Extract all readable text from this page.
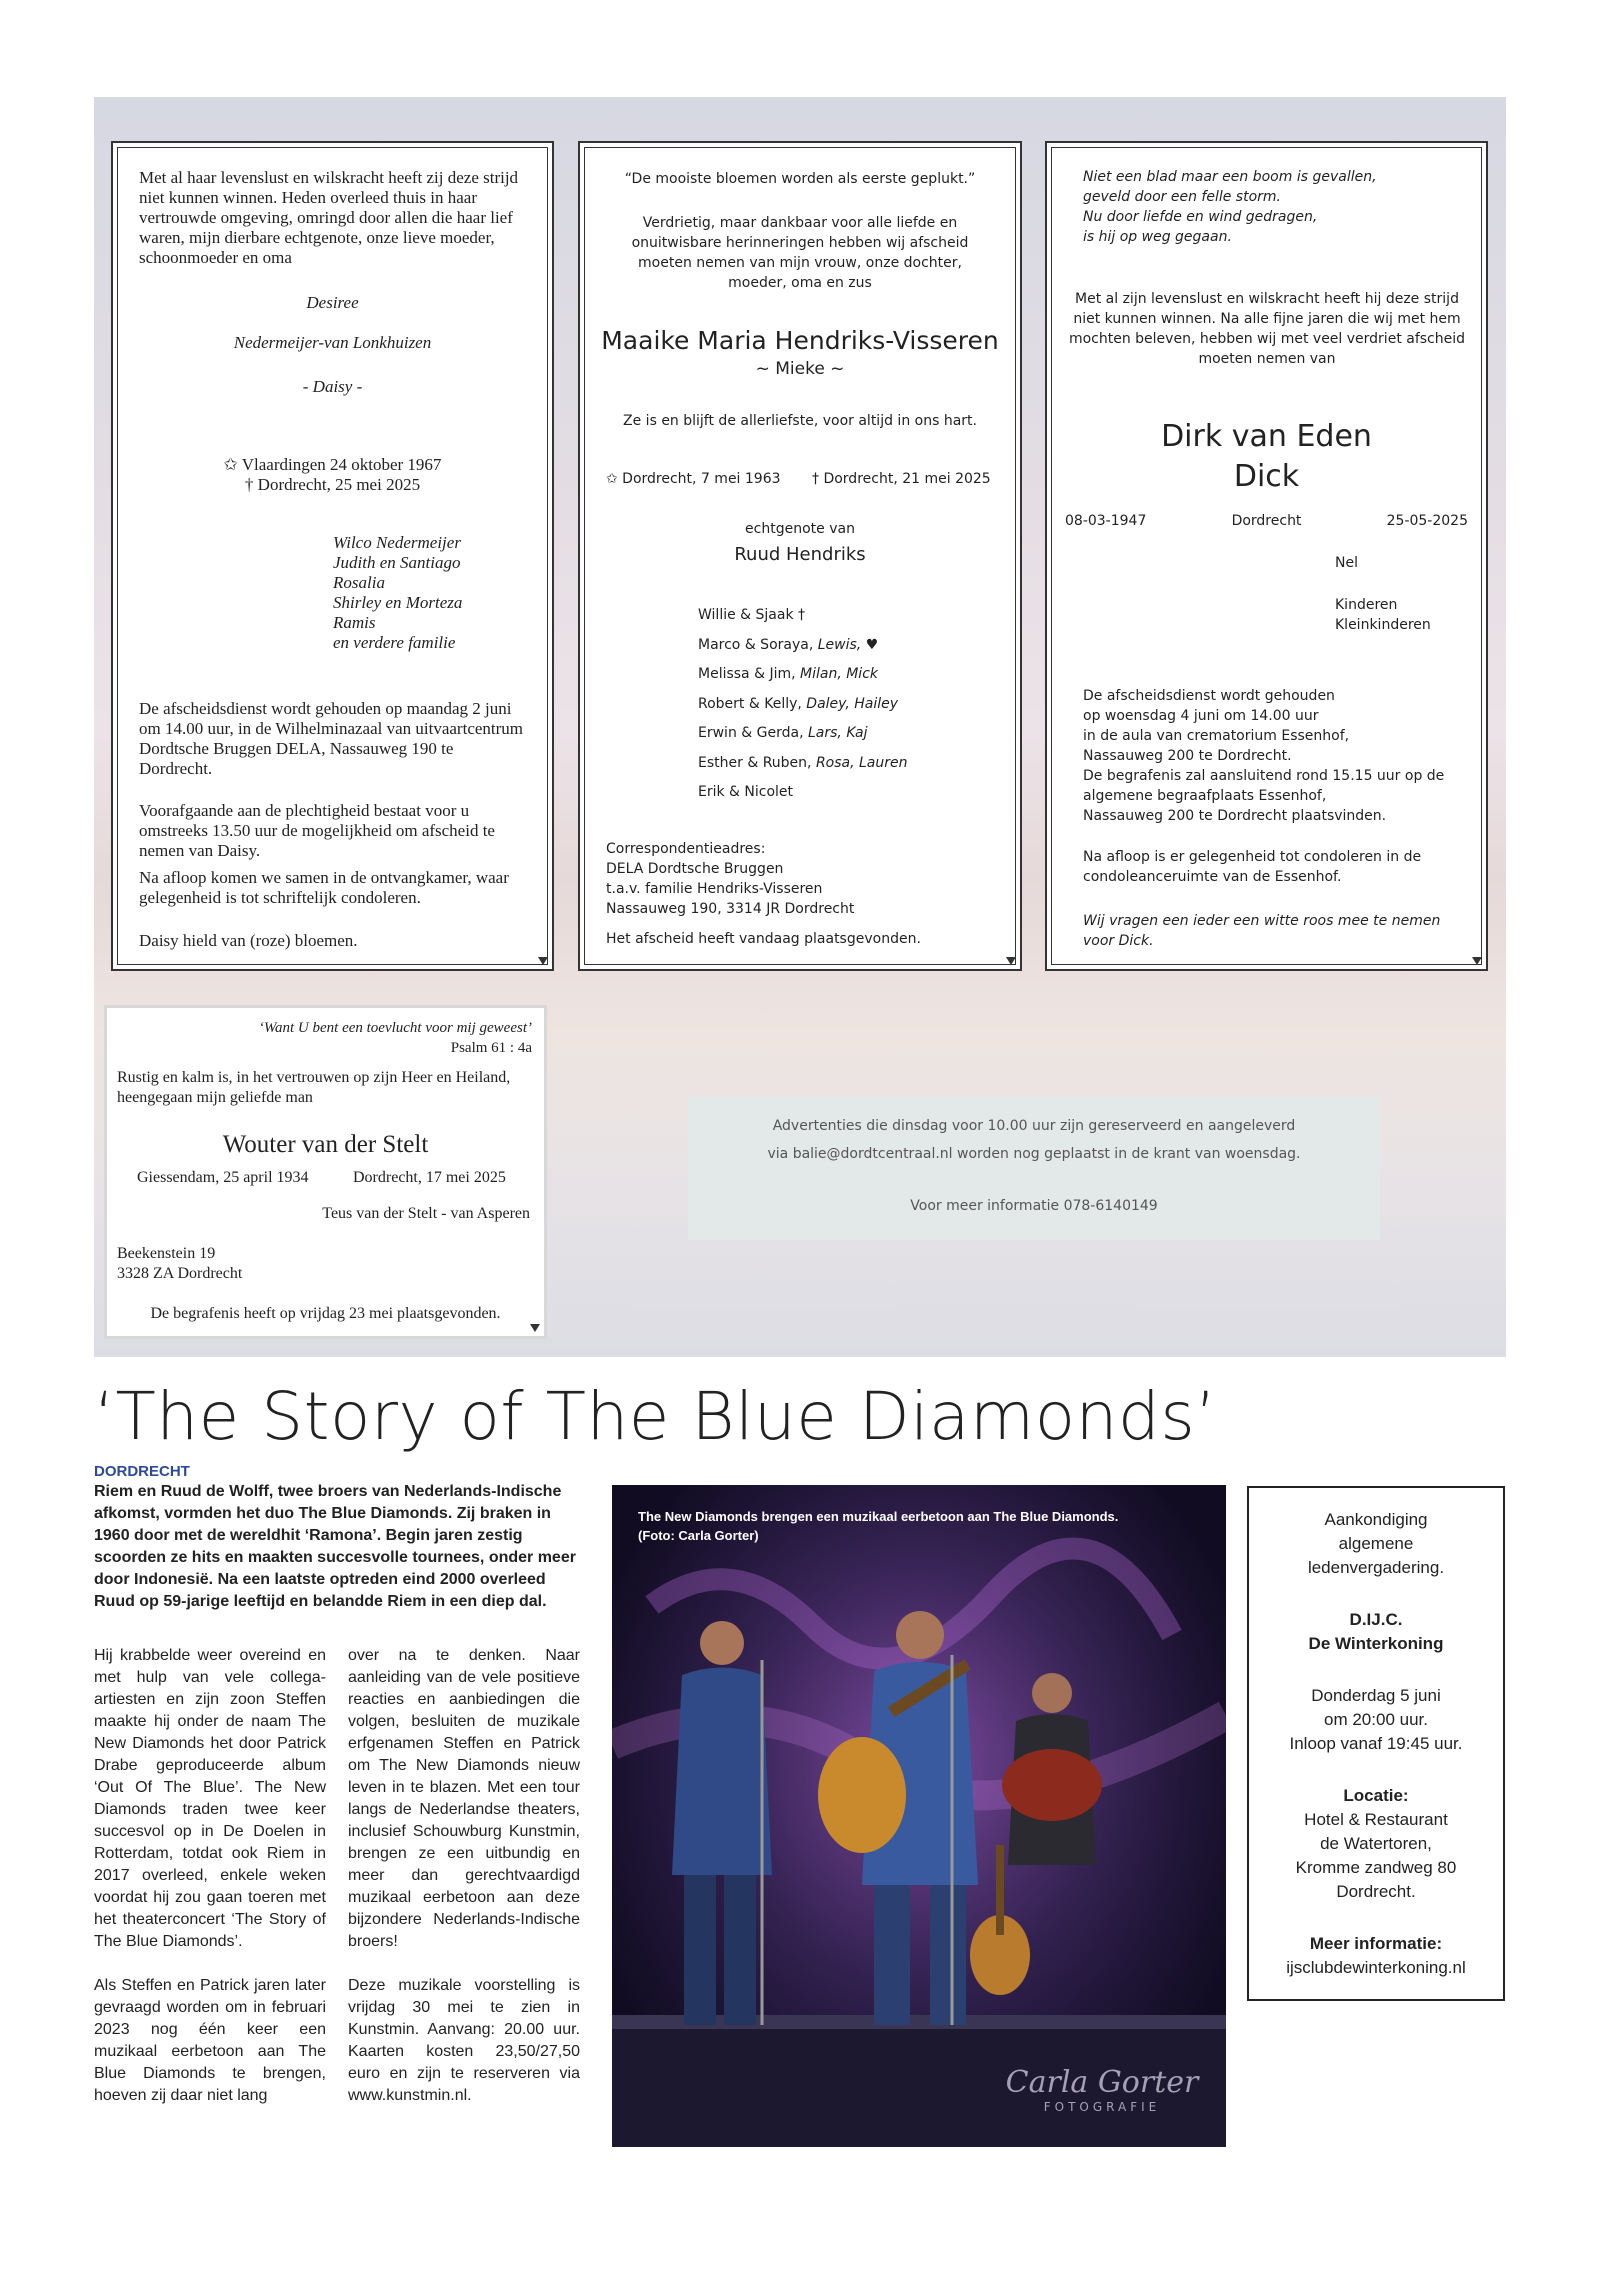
Met al haar levenslust en wilskracht heeft zij deze strijd niet kunnen winnen. Heden overleed thuis in haar vertrouwde omgeving, omringd door allen die haar lief waren, mijn dierbare echtgenote, onze lieve moeder, schoonmoeder en oma

Desiree
Nedermeijer-van Lonkhuizen
- Daisy -
✩ Vlaardingen 24 oktober 1967
† Dordrecht, 25 mei 2025
Wilco Nedermeijer
Judith en Santiago
Rosalia
Shirley en Morteza
Ramis
en verdere familie

De afscheidsdienst wordt gehouden op maandag 2 juni om 14.00 uur, in de Wilhelminazaal van uitvaartcentrum Dordtsche Bruggen DELA, Nassauweg 190 te Dordrecht.

Voorafgaande aan de plechtigheid bestaat voor u omstreeks 13.50 uur de mogelijkheid om afscheid te nemen van Daisy.

Na afloop komen we samen in de ontvangkamer, waar gelegenheid is tot schriftelijk condoleren.

Daisy hield van (roze) bloemen.

“De mooiste bloemen worden als eerste geplukt.”

Verdrietig, maar dankbaar voor alle liefde en onuitwisbare herinneringen hebben wij afscheid moeten nemen van mijn vrouw, onze dochter, moeder, oma en zus

Maaike Maria Hendriks-Visseren
~ Mieke ~
Ze is en blijft de allerliefste, voor altijd in ons hart.
✩ Dordrecht, 7 mei 1963 † Dordrecht, 21 mei 2025
echtgenote van
Ruud Hendriks
Willie & Sjaak †
Marco & Soraya, Lewis, ♥
Melissa & Jim, Milan, Mick
Robert & Kelly, Daley, Hailey
Erwin & Gerda, Lars, Kaj
Esther & Ruben, Rosa, Lauren
Erik & Nicolet
Correspondentieadres:
DELA Dordtsche Bruggen
t.a.v. familie Hendriks-Visseren
Nassauweg 190, 3314 JR Dordrecht
Het afscheid heeft vandaag plaatsgevonden.
Niet een blad maar een boom is gevallen,
geveld door een felle storm.
Nu door liefde en wind gedragen,
is hij op weg gegaan.

Met al zijn levenslust en wilskracht heeft hij deze strijd niet kunnen winnen. Na alle fijne jaren die wij met hem mochten beleven, hebben wij met veel verdriet afscheid moeten nemen van

Dirk van Eden
Dick
08-03-1947	Dordrecht	25-05-2025
Nel
Kinderen
Kleinkinderen
De afscheidsdienst wordt gehouden
op woensdag 4 juni om 14.00 uur
in de aula van crematorium Essenhof,
Nassauweg 200 te Dordrecht.
De begrafenis zal aansluitend rond 15.15 uur op de
algemene begraafplaats Essenhof,
Nassauweg 200 te Dordrecht plaatsvinden.

Na afloop is er gelegenheid tot condoleren in de condoleanceruimte van de Essenhof.

Wij vragen een ieder een witte roos mee te nemen voor Dick.

‘Want U bent een toevlucht voor mij geweest’
Psalm 61 : 4a

Rustig en kalm is, in het vertrouwen op zijn Heer en Heiland, heengegaan mijn geliefde man

Wouter van der Stelt
Giessendam, 25 april 1934	Dordrecht, 17 mei 2025
Teus van der Stelt - van Asperen
Beekenstein 19
3328 ZA Dordrecht
De begrafenis heeft op vrijdag 23 mei plaatsgevonden.
Advertenties die dinsdag voor 10.00 uur zijn gereserveerd en aangeleverd
via balie@dordtcentraal.nl worden nog geplaatst in de krant van woensdag.
Voor meer informatie 078-6140149
‘The Story of The Blue Diamonds’
DORDRECHT

Riem en Ruud de Wolff, twee broers van Nederlands-Indische afkomst, vormden het duo The Blue Diamonds. Zij braken in 1960 door met de wereldhit ‘Ramona’. Begin jaren zestig scoorden ze hits en maakten succesvolle tournees, onder meer door Indonesië. Na een laatste optreden eind 2000 overleed Ruud op 59-jarige leeftijd en belandde Riem in een diep dal.

Hij krabbelde weer overeind en met hulp van vele collega-artiesten en zijn zoon Steffen maakte hij onder de naam The New Diamonds het door Patrick Drabe geproduceerde album ‘Out Of The Blue’. The New Diamonds traden twee keer succesvol op in De Doelen in Rotterdam, totdat ook Riem in 2017 overleed, enkele weken voordat hij zou gaan toeren met het theaterconcert ‘The Story of The Blue Diamonds’.

Als Steffen en Patrick jaren later gevraagd worden om in februari 2023 nog één keer een muzikaal eerbetoon aan The Blue Diamonds te brengen, hoeven zij daar niet lang

over na te denken. Naar aanleiding van de vele positieve reacties en aanbiedingen die volgen, besluiten de muzikale erfgenamen Steffen en Patrick om The New Diamonds nieuw leven in te blazen. Met een tour langs de Nederlandse theaters, inclusief Schouwburg Kunstmin, brengen ze een uitbundig en meer dan gerechtvaardigd muzikaal eerbetoon aan deze bijzondere Nederlands-Indische broers!

Deze muzikale voorstelling is vrijdag 30 mei te zien in Kunstmin. Aanvang: 20.00 uur. Kaarten kosten 23,50/27,50 euro en zijn te reserveren via www.kunstmin.nl.

The New Diamonds brengen een muzikaal eerbetoon aan The Blue Diamonds.
(Foto: Carla Gorter)

Carla Gorter
FOTOGRAFIE
Aankondiging
algemene
ledenvergadering.
D.IJ.C.
De Winterkoning
Donderdag 5 juni
om 20:00 uur.
Inloop vanaf 19:45 uur.
Locatie:
Hotel & Restaurant
de Watertoren,
Kromme zandweg 80
Dordrecht.
Meer informatie:
ijsclubdewinterkoning.nl
